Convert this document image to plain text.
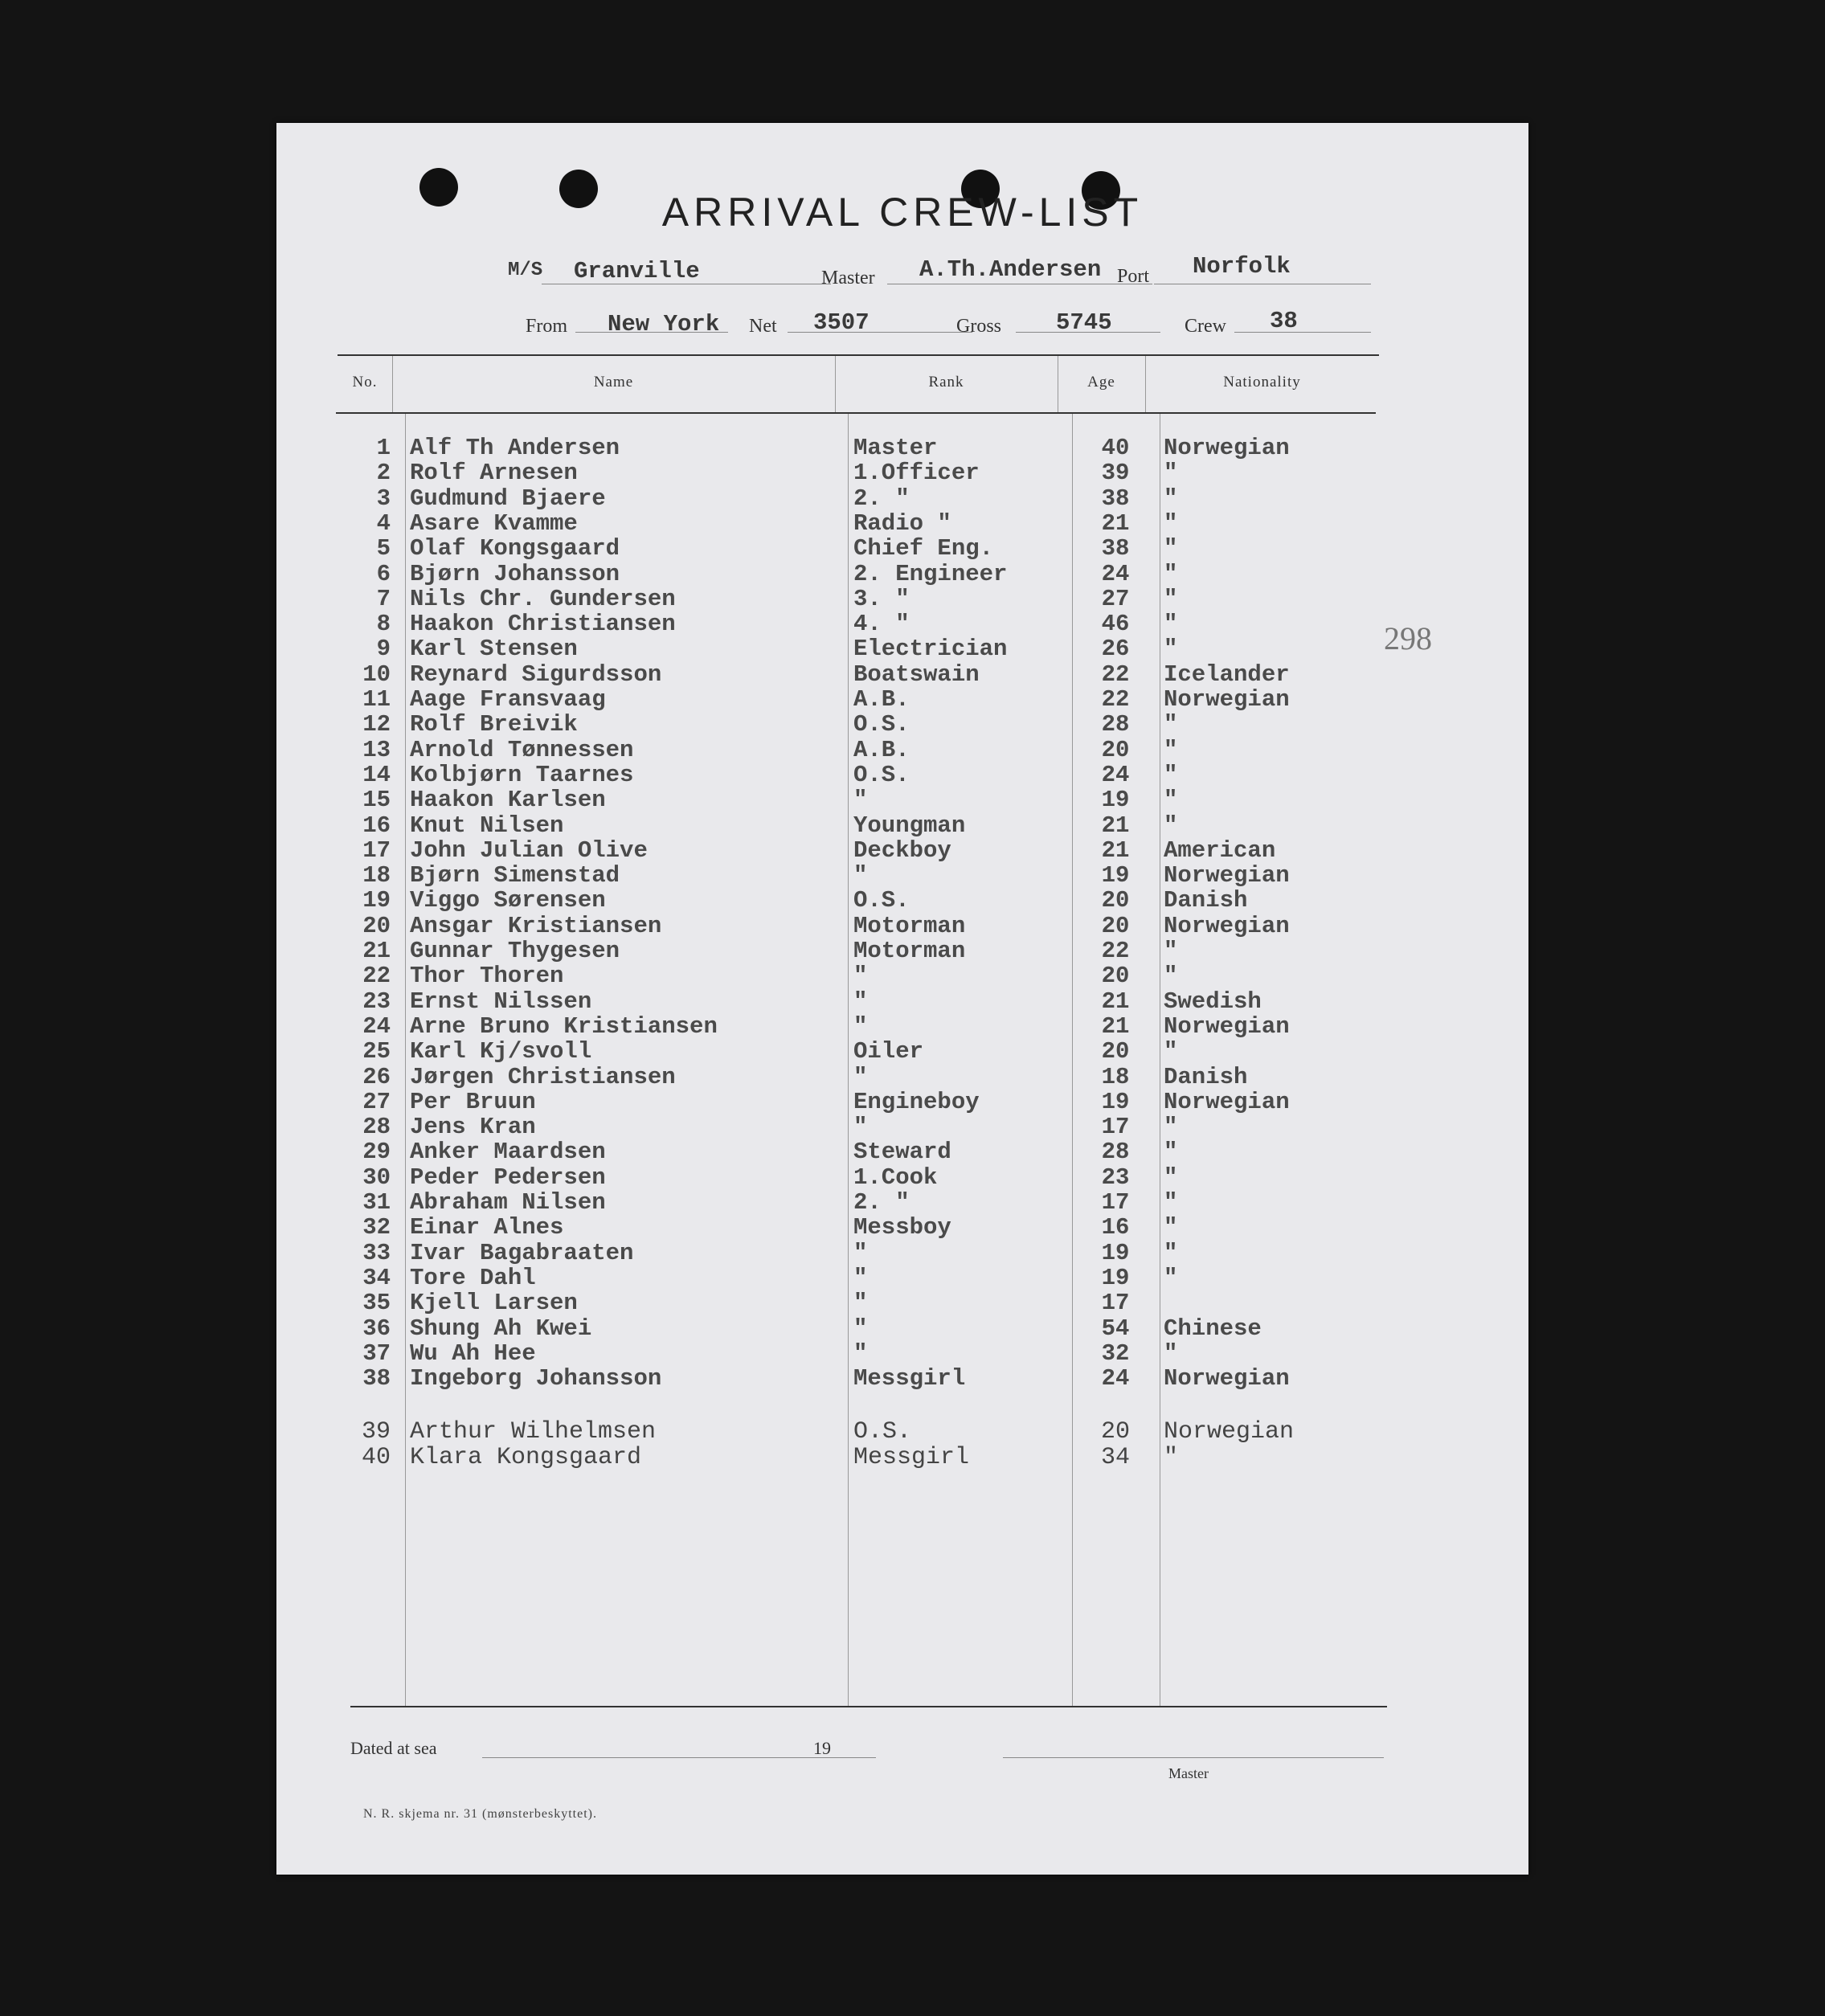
ARRIVAL CREW-LIST
M/S Granville	Master A.Th.Andersen Port Norfolk
From New York Net 3507	Gross 5745	Crew 38
No.	Name	Rank	Age	Nationality
1 Alf Th Andersen	Master	40	Norwegian
2 Rolf Arnesen	1.Officer	39	"
3 Gudmund Bjaere	2. "	38	"
4 Asare Kvamme	Radio "	21	"
5 Olaf Kongsgaard	Chief Eng.	38	"
6 Bjørn Johansson	2. Engineer	24	"
7 Nils Chr. Gundersen	3. "	27	"
8 Haakon Christiansen	4. "	46	"
9 Karl Stensen	Electrician	26	"
10 Reynard Sigurdsson	Boatswain	22	Icelander
11 Aage Fransvaag	A.B.	22	Norwegian
12 Rolf Breivik	O.S.	28	"
13 Arnold Tønnessen	A.B.	20	"
14 Kolbjørn Taarnes	O.S.	24	"
15 Haakon Karlsen	"	19	"
16 Knut Nilsen	Youngman	21	"
17 John Julian Olive	Deckboy	21	American
18 Bjørn Simenstad	"	19	Norwegian
19 Viggo Sørensen	O.S.	20	Danish
20 Ansgar Kristiansen	Motorman	20	Norwegian
21 Gunnar Thygesen	Motorman	22	"
22 Thor Thoren	"	20	"
23 Ernst Nilssen	"	21	Swedish
24 Arne Bruno Kristiansen	"	21	Norwegian
25 Karl Kj/svoll	Oiler	20	"
26 Jørgen Christiansen	"	18	Danish
27 Per Bruun	Engineboy	19	Norwegian
28 Jens Kran	"	17	"
29 Anker Maardsen	Steward	28	"
30 Peder Pedersen	1.Cook	23	"
31 Abraham Nilsen	2. "	17	"
32 Einar Alnes	Messboy	16	"
33 Ivar Bagabraaten	"	19	"
34 Tore Dahl	"	19	"
35 Kjell Larsen	"	17
36 Shung Ah Kwei	"	54	Chinese
37 Wu Ah Hee	"	32	"
38 Ingeborg Johansson	Messgirl	24	Norwegian
39 Arthur Wilhelmsen	O.S.	20	Norwegian
40 Klara Kongsgaard	Messgirl	34	"
298
Dated at sea	19
Master
N. R. skjema nr. 31 (mønsterbeskyttet).
